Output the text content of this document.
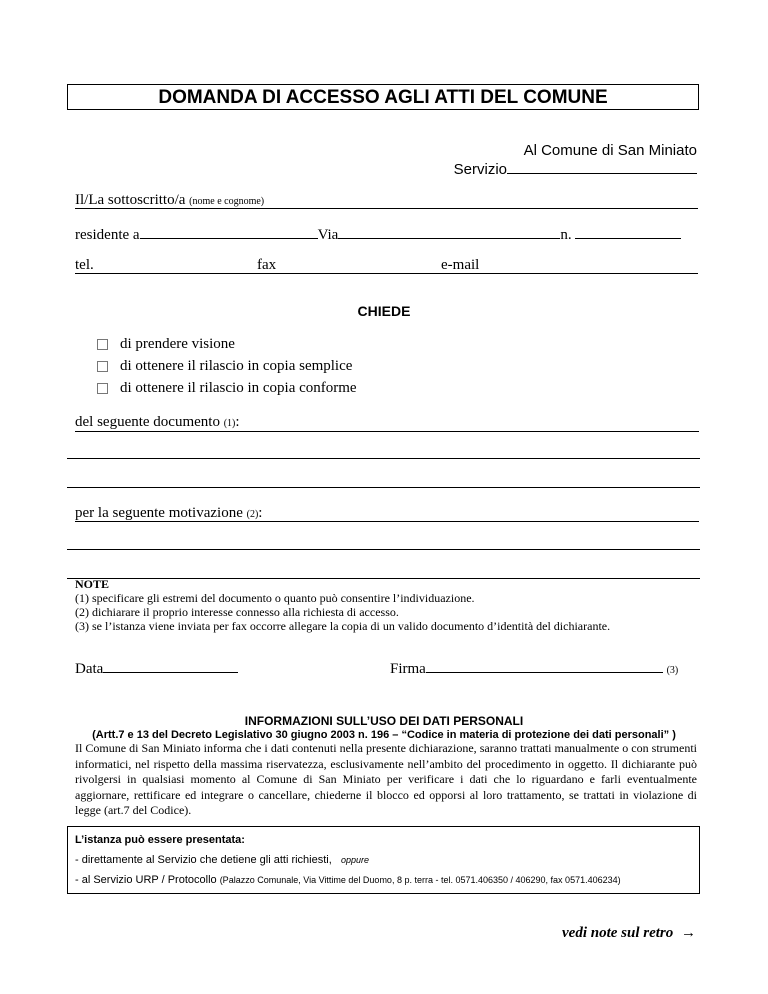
DOMANDA DI ACCESSO AGLI ATTI DEL COMUNE
Al Comune di San Miniato
Servizio
Il/La sottoscritto/a (nome e cognome)
residente a	Via	n.
tel.	fax	e-mail
CHIEDE
di prendere visione
di ottenere il rilascio in copia semplice
di ottenere il rilascio in copia conforme
del seguente documento (1):
per la seguente motivazione (2):
NOTE
(1) specificare gli estremi del documento o quanto può consentire l’individuazione.
(2) dichiarare il proprio interesse connesso alla richiesta di accesso.
(3) se l’istanza viene inviata per fax occorre allegare la copia di un valido documento d’identità del dichiarante.
Data	Firma	(3)
INFORMAZIONI SULL’USO DEI DATI PERSONALI
(Artt.7 e 13 del Decreto Legislativo 30 giugno 2003 n. 196 – “Codice in materia di protezione dei dati personali” )
Il Comune di San Miniato informa che i dati contenuti nella presente dichiarazione, saranno trattati manualmente o con strumenti informatici, nel rispetto della massima riservatezza, esclusivamente nell’ambito del procedimento in oggetto. Il dichiarante può rivolgersi in qualsiasi momento al Comune di San Miniato per verificare i dati che lo riguardano e farli eventualmente aggiornare, rettificare ed integrare o cancellare, chiederne il blocco ed opporsi al loro trattamento, se trattati in violazione di legge (art.7 del Codice).
L’istanza può essere presentata:
- direttamente al Servizio che detiene gli atti richiesti, oppure
- al Servizio URP / Protocollo (Palazzo Comunale, Via Vittime del Duomo, 8 p. terra - tel. 0571.406350 / 406290, fax 0571.406234)
vedi note sul retro →
